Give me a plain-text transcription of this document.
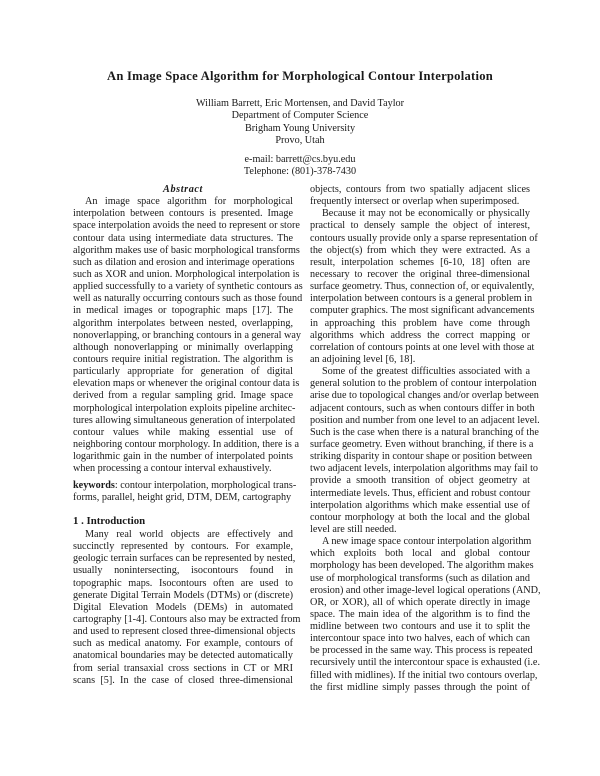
An Image Space Algorithm for Morphological Contour Interpolation
William Barrett, Eric Mortensen, and David Taylor
Department of Computer Science
Brigham Young University
Provo, Utah
e-mail: barrett@cs.byu.edu
Telephone: (801)-378-7430
Abstract
An image space algorithm for morphological
interpolation between contours is presented. Image
space interpolation avoids the need to represent or store
contour data using intermediate data structures. The
algorithm makes use of basic morphological transforms
such as dilation and erosion and interimage operations
such as XOR and union. Morphological interpolation is
applied successfully to a variety of synthetic contours as
well as naturally occurring contours such as those found
in medical images or topographic maps [17]. The
algorithm interpolates between nested, overlapping,
nonoverlapping, or branching contours in a general way
although nonoverlapping or minimally overlapping
contours require initial registration. The algorithm is
particularly appropriate for generation of digital
elevation maps or whenever the original contour data is
derived from a regular sampling grid. Image space
morphological interpolation exploits pipeline architec-
tures allowing simultaneous generation of interpolated
contour values while making essential use of
neighboring contour morphology. In addition, there is a
logarithmic gain in the number of interpolated points
when processing a contour interval exhaustively.
keywords: contour interpolation, morphological trans-
forms, parallel, height grid, DTM, DEM, cartography
1 . Introduction
Many real world objects are effectively and
succinctly represented by contours. For example,
geologic terrain surfaces can be represented by nested,
usually nonintersecting, isocontours found in
topographic maps. Isocontours often are used to
generate Digital Terrain Models (DTMs) or (discrete)
Digital Elevation Models (DEMs) in automated
cartography [1-4]. Contours also may be extracted from
and used to represent closed three-dimensional objects
such as medical anatomy. For example, contours of
anatomical boundaries may be detected automatically
from serial transaxial cross sections in CT or MRI
scans [5]. In the case of closed three-dimensional
objects, contours from two spatially adjacent slices
frequently intersect or overlap when superimposed.
Because it may not be economically or physically
practical to densely sample the object of interest,
contours usually provide only a sparse representation of
the object(s) from which they were extracted. As a
result, interpolation schemes [6-10, 18] often are
necessary to recover the original three-dimensional
surface geometry. Thus, connection of, or equivalently,
interpolation between contours is a general problem in
computer graphics. The most significant advancements
in approaching this problem have come through
algorithms which address the correct mapping or
correlation of contours points at one level with those at
an adjoining level [6, 18].
Some of the greatest difficulties associated with a
general solution to the problem of contour interpolation
arise due to topological changes and/or overlap between
adjacent contours, such as when contours differ in both
position and number from one level to an adjacent level.
Such is the case when there is a natural branching of the
surface geometry. Even without branching, if there is a
striking disparity in contour shape or position between
two adjacent levels, interpolation algorithms may fail to
provide a smooth transition of object geometry at
intermediate levels. Thus, efficient and robust contour
interpolation algorithms which make essential use of
contour morphology at both the local and the global
level are still needed.
A new image space contour interpolation algorithm
which exploits both local and global contour
morphology has been developed. The algorithm makes
use of morphological transforms (such as dilation and
erosion) and other image-level logical operations (AND,
OR, or XOR), all of which operate directly in image
space. The main idea of the algorithm is to find the
midline between two contours and use it to split the
intercontour space into two halves, each of which can
be processed in the same way. This process is repeated
recursively until the intercontour space is exhausted (i.e.
filled with midlines). If the initial two contours overlap,
the first midline simply passes through the point of
